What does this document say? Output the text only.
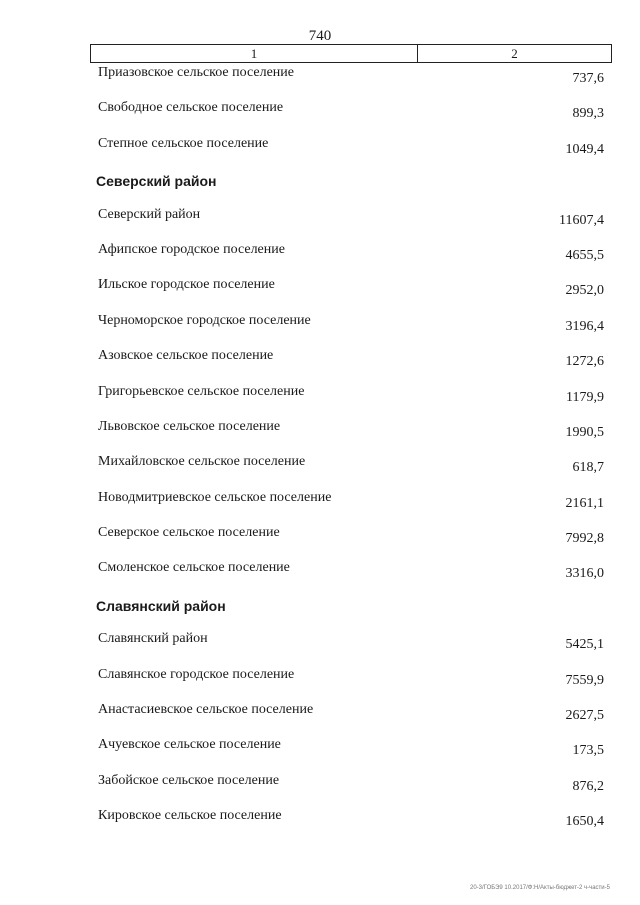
740
1	2
Приазовское сельское поселение	737,6
Свободное сельское поселение	899,3
Степное сельское поселение	1049,4
Северский район
Северский район	11607,4
Афипское городское поселение	4655,5
Ильское городское поселение	2952,0
Черноморское городское поселение	3196,4
Азовское сельское поселение	1272,6
Григорьевское сельское поселение	1179,9
Львовское сельское поселение	1990,5
Михайловское сельское поселение	618,7
Новодмитриевское сельское поселение	2161,1
Северское сельское поселение	7992,8
Смоленское сельское поселение	3316,0
Славянский район
Славянский район	5425,1
Славянское городское поселение	7559,9
Анастасиевское сельское поселение	2627,5
Ачуевское сельское поселение	173,5
Забойское сельское поселение	876,2
Кировское сельское поселение	1650,4
20-3/ГОБЭ9 10.2017/Ф:Н/Акты-бюджет-2 ч-части-5
